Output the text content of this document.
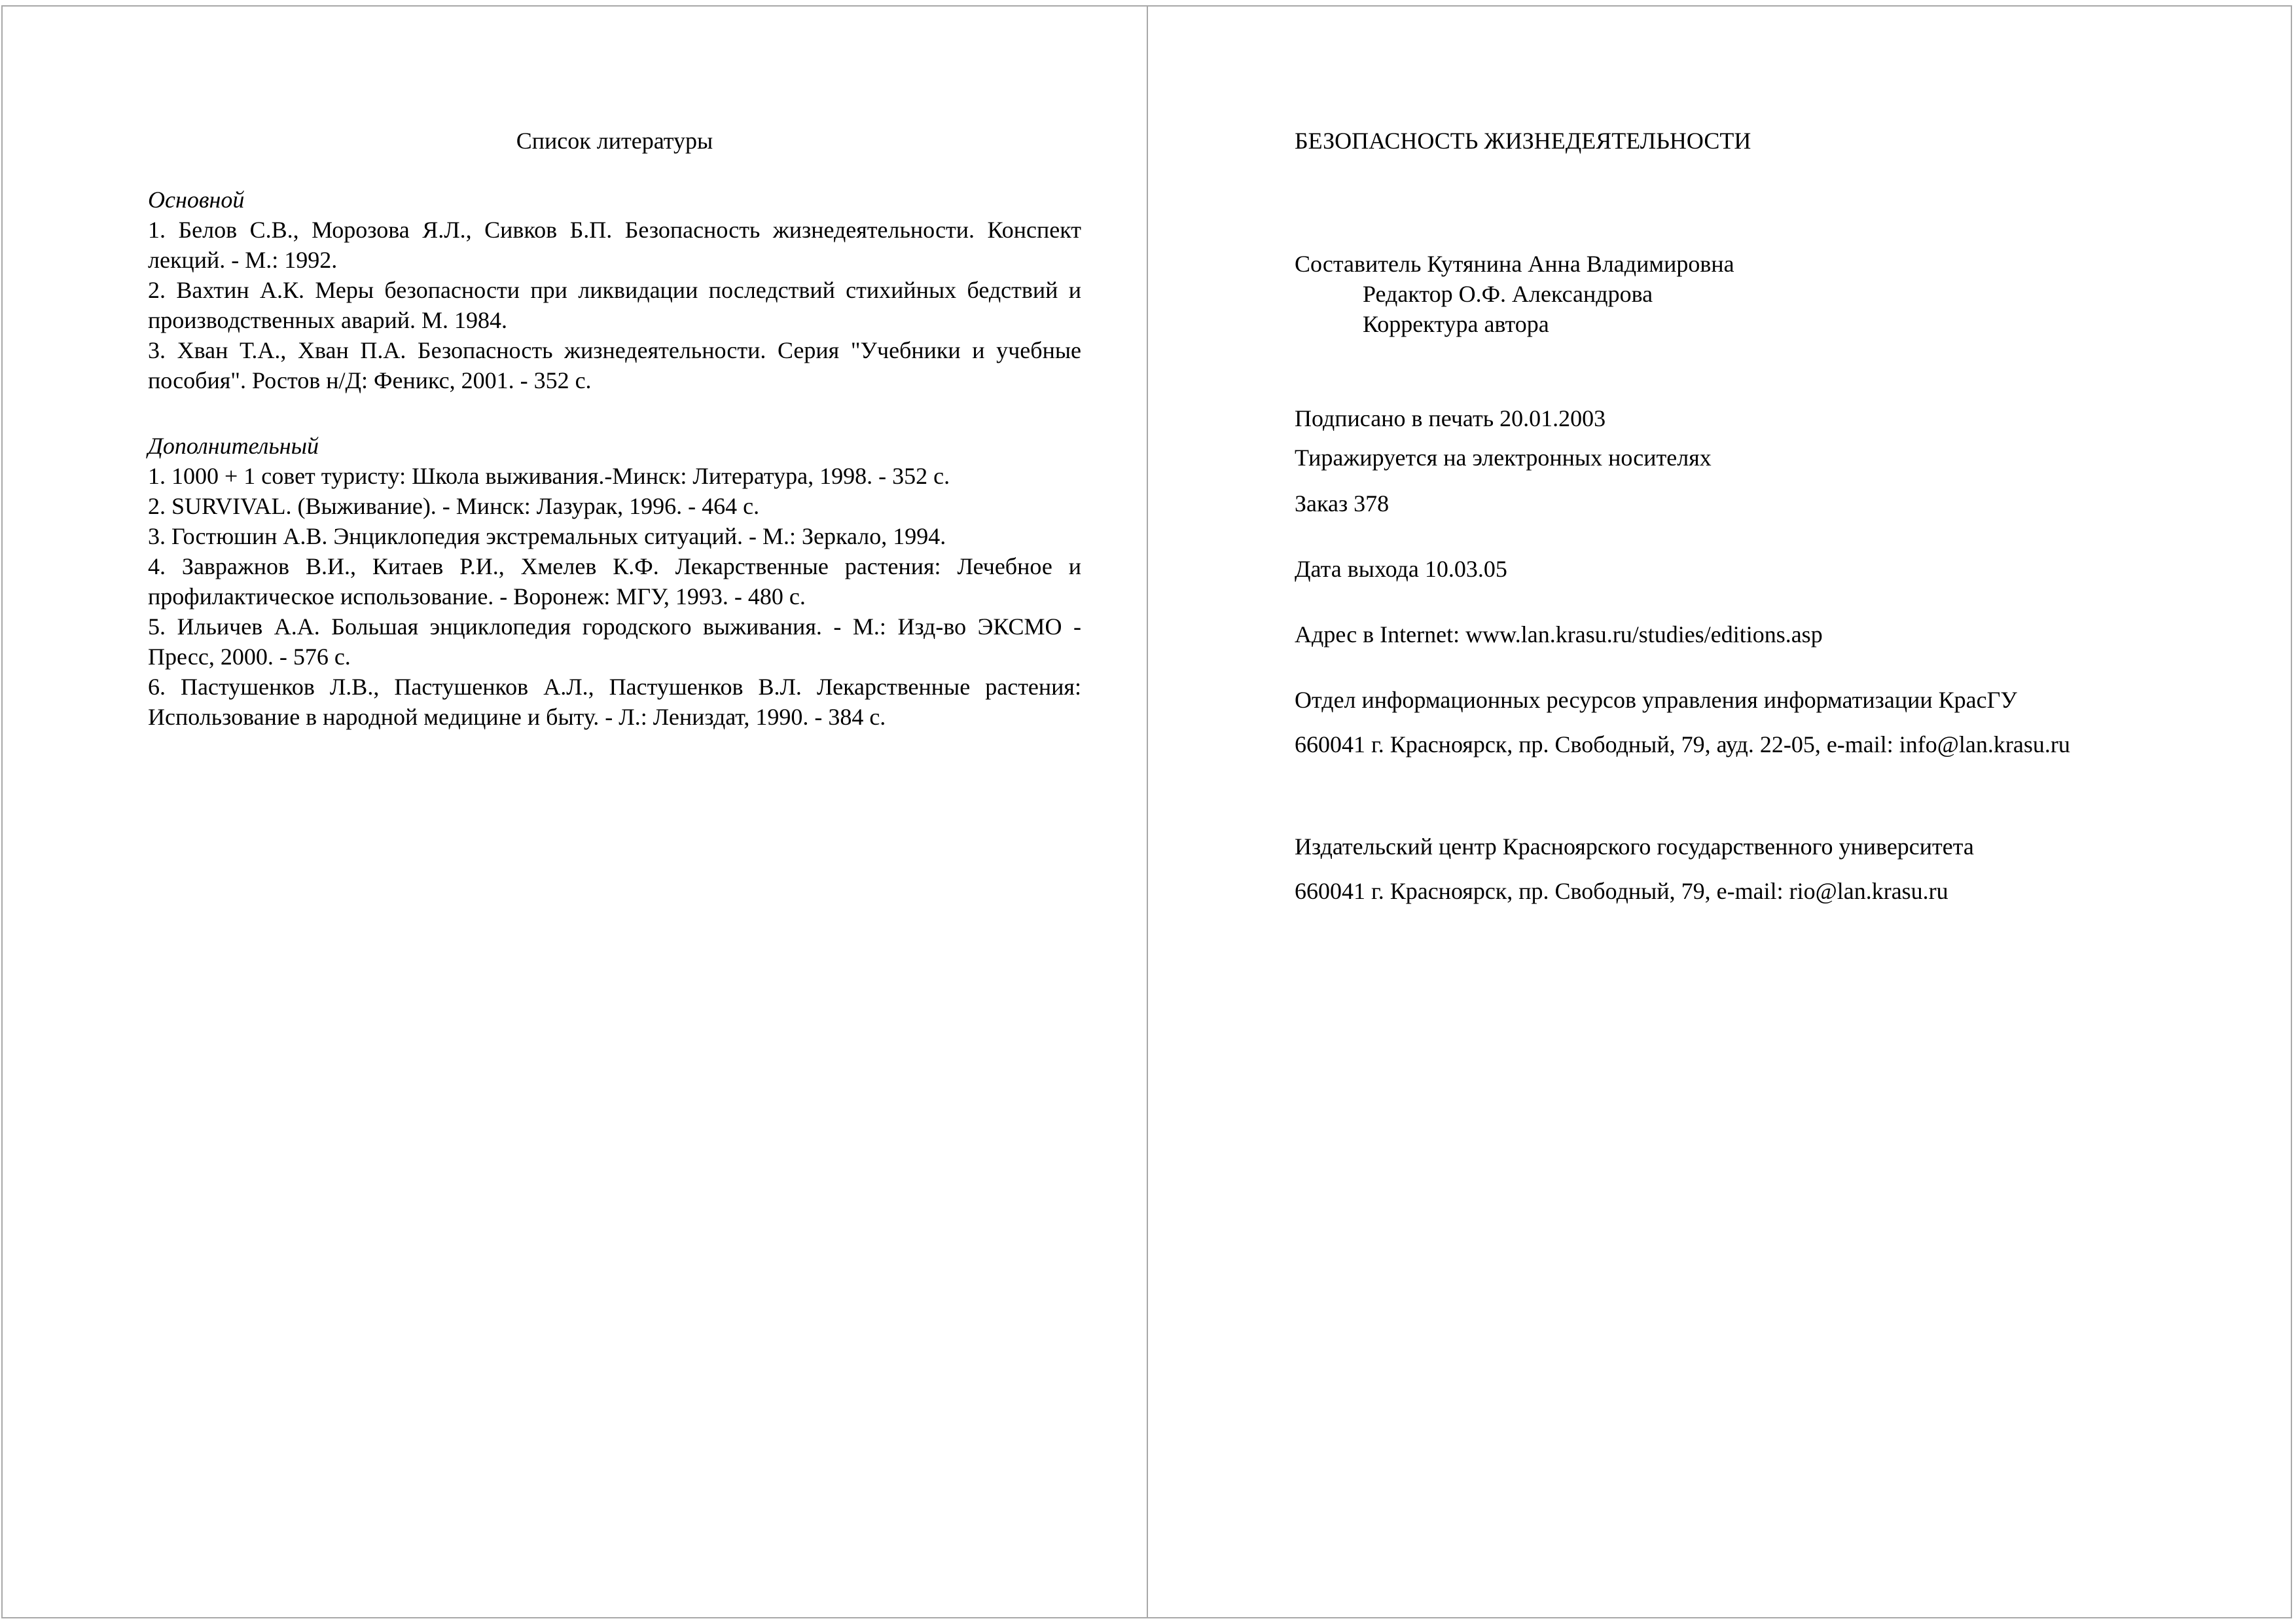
Список литературы
Основной
1. Белов С.В., Морозова Я.Л., Сивков Б.П. Безопасность жизнедеятельности. Конспект лекций. - М.: 1992.
2. Вахтин А.К. Меры безопасности при ликвидации последствий стихийных бедствий и производственных аварий. М. 1984.
3. Хван Т.А., Хван П.А. Безопасность жизнедеятельности. Серия "Учебники и учебные пособия". Ростов н/Д: Феникс, 2001. - 352 с.
Дополнительный
1. 1000 + 1 совет туристу: Школа выживания.-Минск: Литература, 1998. - 352 с.
2. SURVIVAL. (Выживание). - Минск: Лазурак, 1996. - 464 с.
3. Гостюшин А.В. Энциклопедия экстремальных ситуаций. - М.: Зеркало, 1994.
4. Завражнов В.И., Китаев Р.И., Хмелев К.Ф. Лекарственные растения: Лечебное и профилактическое использование. - Воронеж: МГУ, 1993. - 480 с.
5. Ильичев А.А. Большая энциклопедия городского выживания. - М.: Изд-во ЭКСМО - Пресс, 2000. - 576 с.
6. Пастушенков Л.В., Пастушенков А.Л., Пастушенков В.Л. Лекарственные растения: Использование в народной медицине и быту. - Л.: Лениздат, 1990. - 384 с.
БЕЗОПАСНОСТЬ ЖИЗНЕДЕЯТЕЛЬНОСТИ
Составитель Кутянина Анна Владимировна
Редактор О.Ф. Александрова
Корректура автора
Подписано в печать 20.01.2003
Тиражируется на электронных носителях
Заказ 378
Дата выхода 10.03.05
Адрес в Internet: www.lan.krasu.ru/studies/editions.asp
Отдел информационных ресурсов управления информатизации КрасГУ
660041 г. Красноярск, пр. Свободный, 79, ауд. 22-05, e-mail: info@lan.krasu.ru
Издательский центр Красноярского государственного университета
660041 г. Красноярск, пр. Свободный, 79, e-mail: rio@lan.krasu.ru
